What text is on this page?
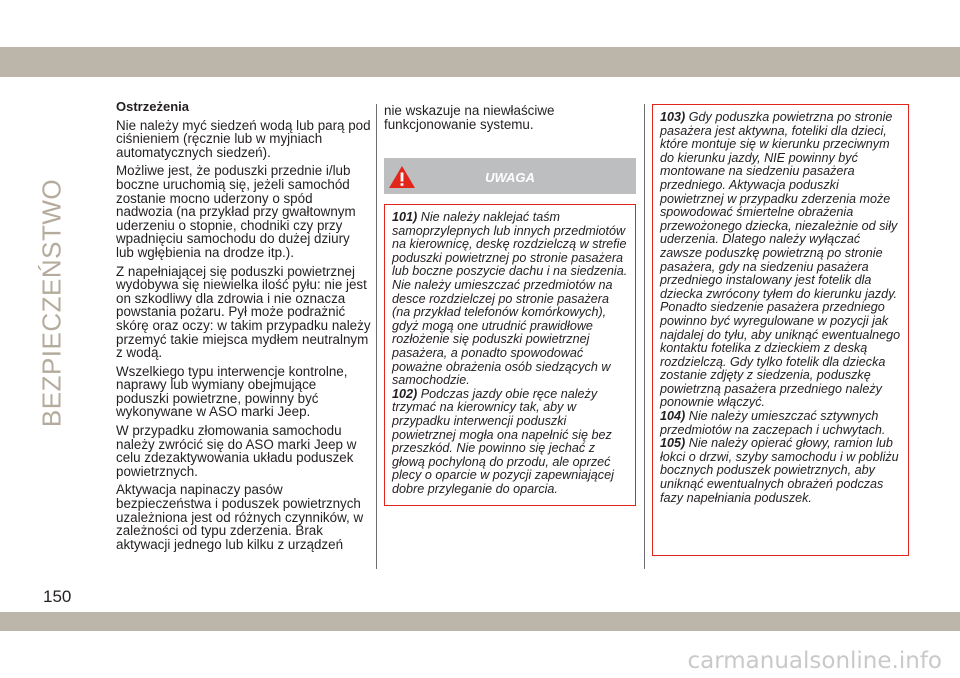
BEZPIECZEŃSTWO
Ostrzeżenia

Nie należy myć siedzeń wodą lub parą pod ciśnieniem (ręcznie lub w myjniach automatycznych siedzeń).

Możliwe jest, że poduszki przednie i/lub boczne uruchomią się, jeżeli samochód zostanie mocno uderzony o spód nadwozia (na przykład przy gwałtownym uderzeniu o stopnie, chodniki czy przy wpadnięciu samochodu do dużej dziury lub wgłębienia na drodze itp.).

Z napełniającej się poduszki powietrznej wydobywa się niewielka ilość pyłu: nie jest on szkodliwy dla zdrowia i nie oznacza powstania pożaru. Pył może podrażnić skórę oraz oczy: w takim przypadku należy przemyć takie miejsca mydłem neutralnym z wodą.

Wszelkiego typu interwencje kontrolne, naprawy lub wymiany obejmujące poduszki powietrzne, powinny być wykonywane w ASO marki Jeep.

W przypadku złomowania samochodu należy zwrócić się do ASO marki Jeep w celu zdezaktywowania układu poduszek powietrznych.

Aktywacja napinaczy pasów bezpieczeństwa i poduszek powietrznych uzależniona jest od różnych czynników, w zależności od typu zderzenia. Brak aktywacji jednego lub kilku z urządzeń

nie wskazuje na niewłaściwe funkcjonowanie systemu.

UWAGA

101) Nie należy naklejać taśm samoprzylepnych lub innych przedmiotów na kierownicę, deskę rozdzielczą w strefie poduszki powietrznej po stronie pasażera lub boczne poszycie dachu i na siedzenia. Nie należy umieszczać przedmiotów na desce rozdzielczej po stronie pasażera (na przykład telefonów komórkowych), gdyż mogą one utrudnić prawidłowe rozłożenie się poduszki powietrznej pasażera, a ponadto spowodować poważne obrażenia osób siedzących w samochodzie.

102) Podczas jazdy obie ręce należy trzymać na kierownicy tak, aby w przypadku interwencji poduszki powietrznej mogła ona napełnić się bez przeszkód. Nie powinno się jechać z głową pochyloną do przodu, ale oprzeć plecy o oparcie w pozycji zapewniającej dobre przyleganie do oparcia.

103) Gdy poduszka powietrzna po stronie pasażera jest aktywna, foteliki dla dzieci, które montuje się w kierunku przeciwnym do kierunku jazdy, NIE powinny być montowane na siedzeniu pasażera przedniego. Aktywacja poduszki powietrznej w przypadku zderzenia może spowodować śmiertelne obrażenia przewożonego dziecka, niezależnie od siły uderzenia. Dlatego należy wyłączać zawsze poduszkę powietrzną po stronie pasażera, gdy na siedzeniu pasażera przedniego instalowany jest fotelik dla dziecka zwrócony tyłem do kierunku jazdy. Ponadto siedzenie pasażera przedniego powinno być wyregulowane w pozycji jak najdalej do tyłu, aby uniknąć ewentualnego kontaktu fotelika z dzieckiem z deską rozdzielczą. Gdy tylko fotelik dla dziecka zostanie zdjęty z siedzenia, poduszkę powietrzną pasażera przedniego należy ponownie włączyć.

104) Nie należy umieszczać sztywnych przedmiotów na zaczepach i uchwytach.

105) Nie należy opierać głowy, ramion lub łokci o drzwi, szyby samochodu i w pobliżu bocznych poduszek powietrznych, aby uniknąć ewentualnych obrażeń podczas fazy napełniania poduszek.

150
carmanualsonline.info
